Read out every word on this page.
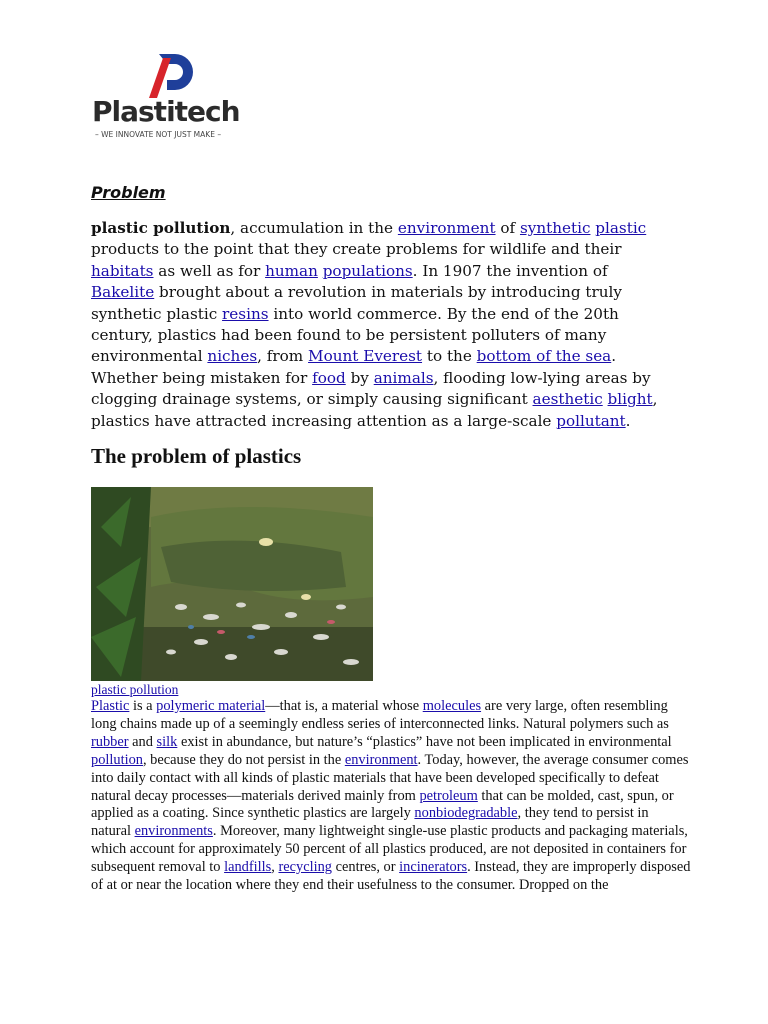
Plastitech
– WE INNOVATE NOT JUST MAKE –
Problem
plastic pollution, accumulation in the environment of synthetic plastic products to the point that they create problems for wildlife and their habitats as well as for human populations. In 1907 the invention of Bakelite brought about a revolution in materials by introducing truly synthetic plastic resins into world commerce. By the end of the 20th century, plastics had been found to be persistent polluters of many environmental niches, from Mount Everest to the bottom of the sea. Whether being mistaken for food by animals, flooding low-lying areas by clogging drainage systems, or simply causing significant aesthetic blight, plastics have attracted increasing attention as a large-scale pollutant.
The problem of plastics
plastic pollution
Plastic is a polymeric material—that is, a material whose molecules are very large, often resembling long chains made up of a seemingly endless series of interconnected links. Natural polymers such as rubber and silk exist in abundance, but nature’s “plastics” have not been implicated in environmental pollution, because they do not persist in the environment. Today, however, the average consumer comes into daily contact with all kinds of plastic materials that have been developed specifically to defeat natural decay processes—materials derived mainly from petroleum that can be molded, cast, spun, or applied as a coating. Since synthetic plastics are largely nonbiodegradable, they tend to persist in natural environments. Moreover, many lightweight single-use plastic products and packaging materials, which account for approximately 50 percent of all plastics produced, are not deposited in containers for subsequent removal to landfills, recycling centres, or incinerators. Instead, they are improperly disposed of at or near the location where they end their usefulness to the consumer. Dropped on the
